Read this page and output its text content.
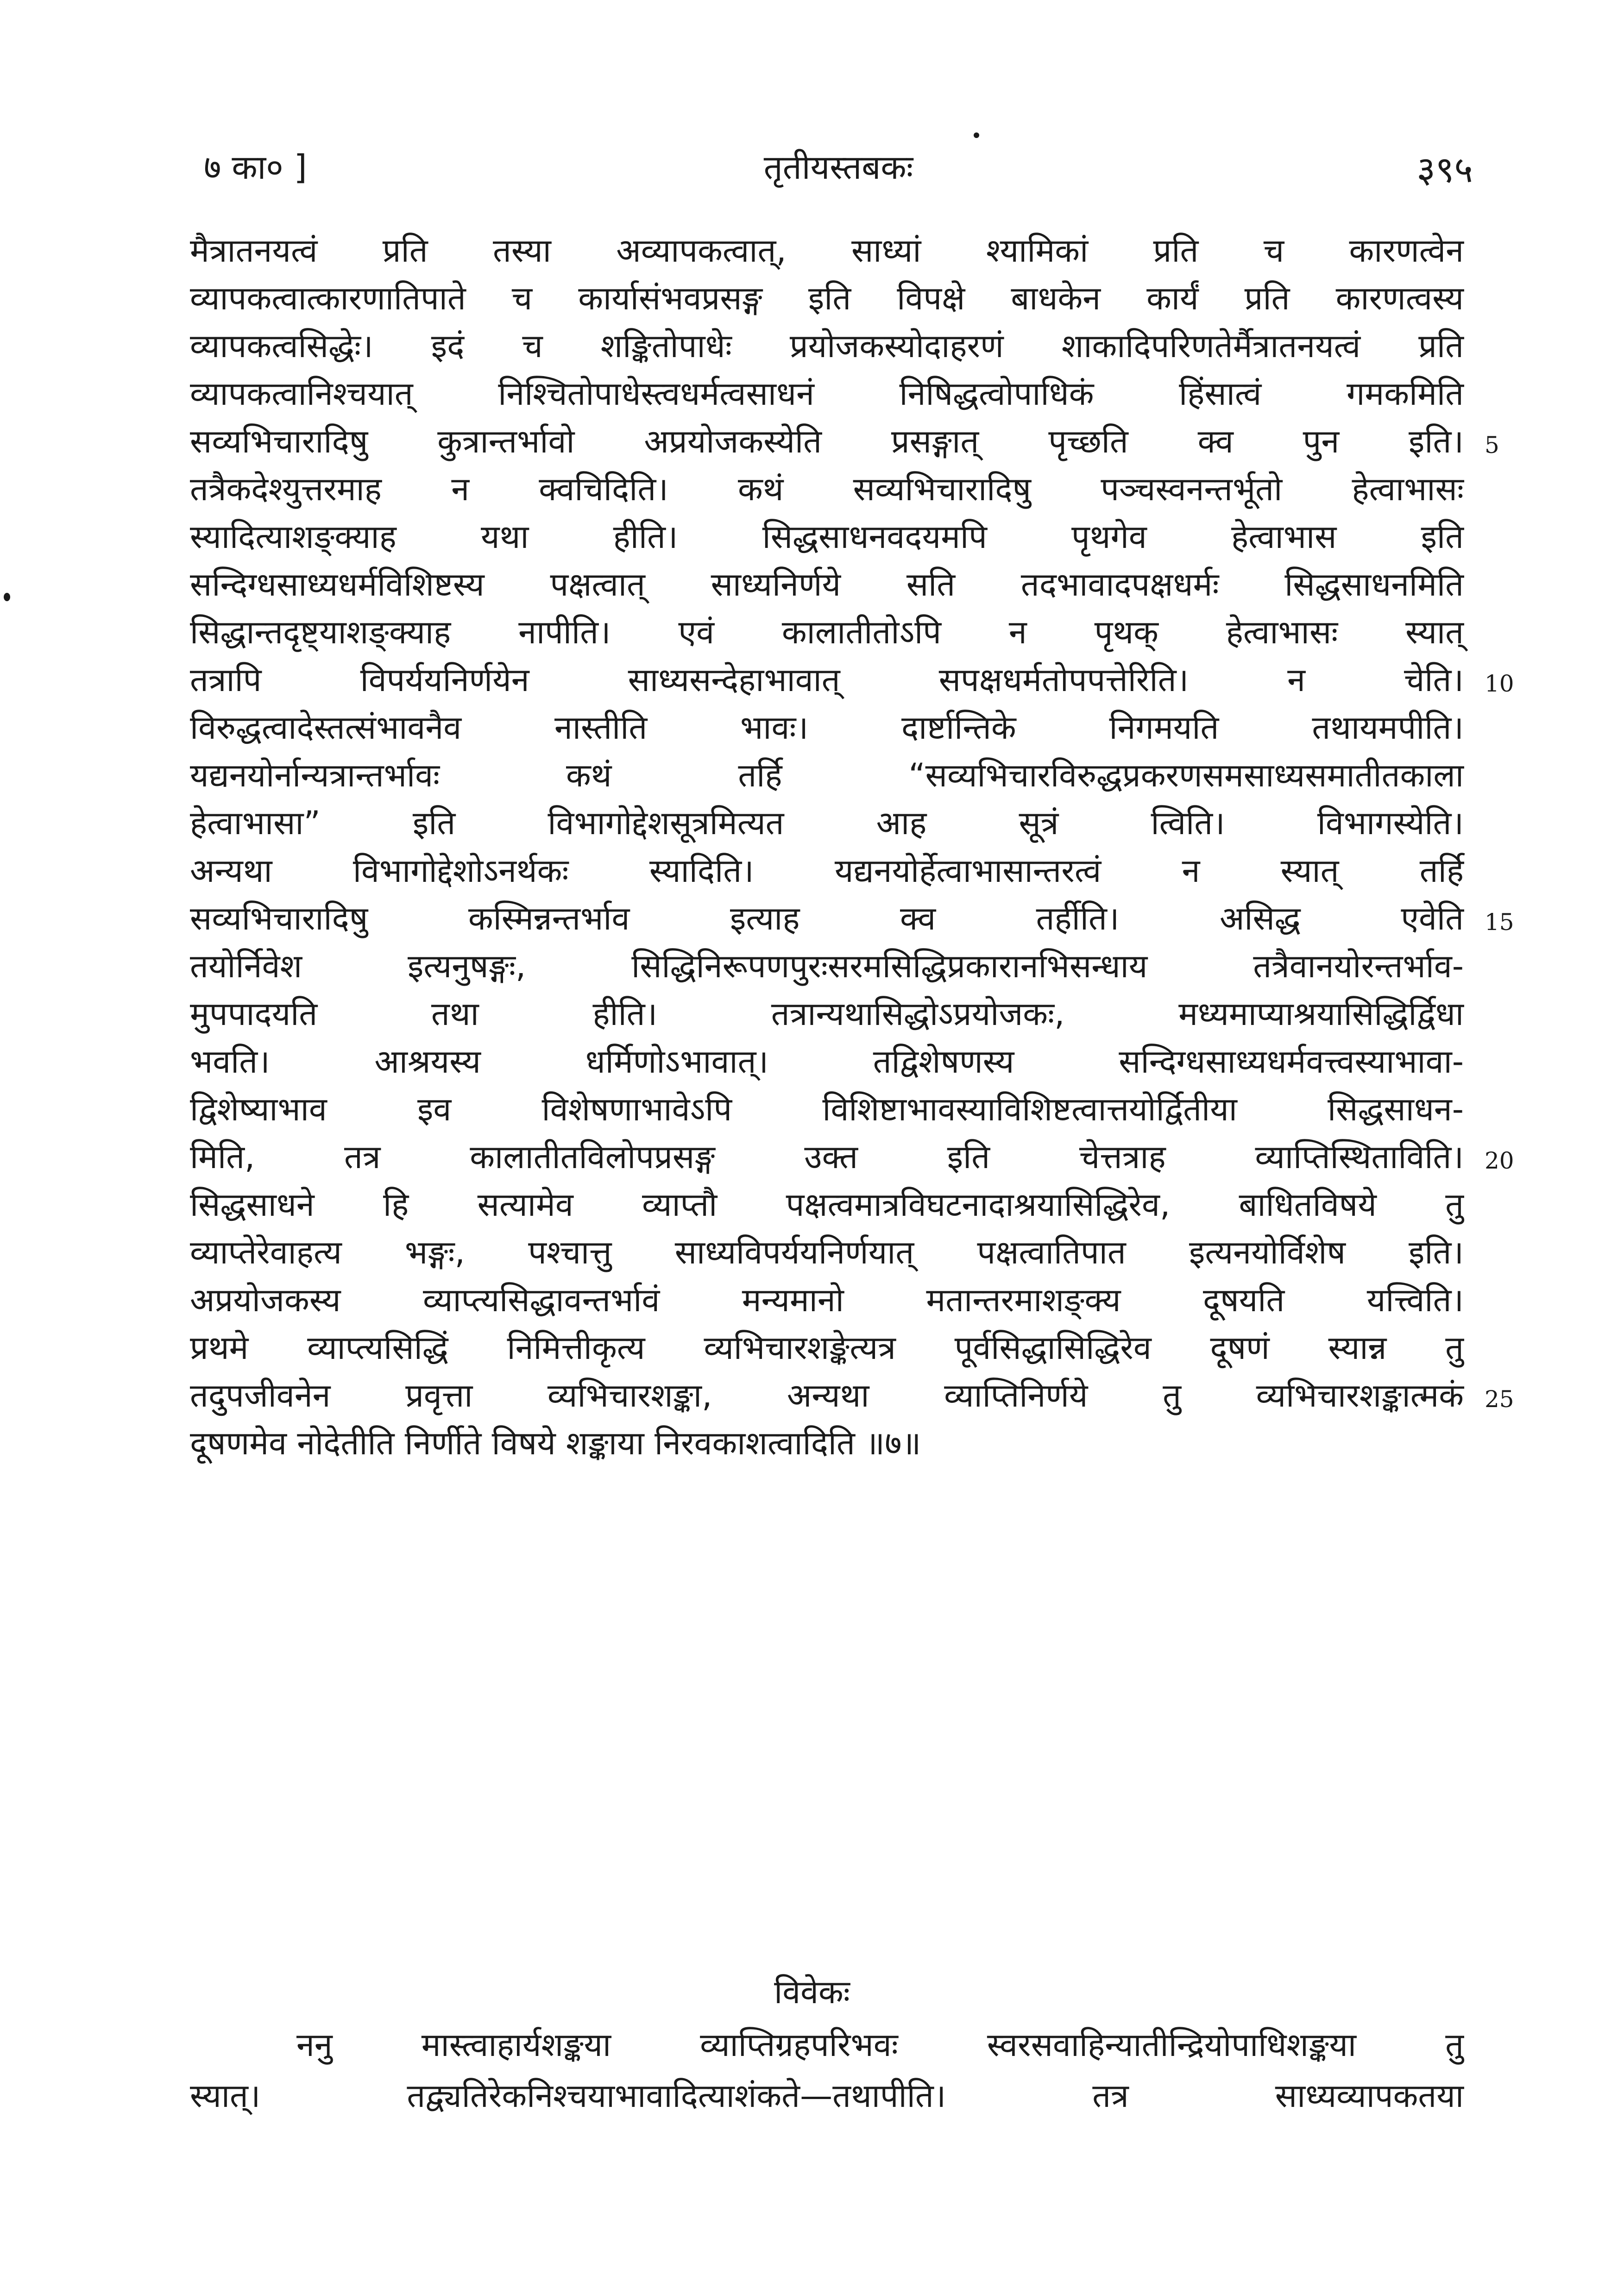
७ का० ]	तृतीयस्तबकः	३९५
मैत्रातनयत्वं प्रति तस्या अव्यापकत्वात्, साध्यां श्यामिकां प्रति च कारणत्वेन
व्यापकत्वात्कारणातिपाते च कार्यासंभवप्रसङ्ग इति विपक्षे बाधकेन कार्यं प्रति कारणत्वस्य
व्यापकत्वसिद्धेः। इदं च शङ्कितोपाधेः प्रयोजकस्योदाहरणं शाकादिपरिणतेर्मैत्रातनयत्वं प्रति
व्यापकत्वानिश्चयात् निश्चितोपाधेस्त्वधर्मत्वसाधनं निषिद्धत्वोपाधिकं हिंसात्वं गमकमिति
सव्यभिचारादिषु कुत्रान्तर्भावो अप्रयोजकस्येति प्रसङ्गात् पृच्छति क्व पुन इति। 5
तत्रैकदेश्युत्तरमाह न क्वचिदिति। कथं सव्यभिचारादिषु पञ्चस्वनन्तर्भूतो हेत्वाभासः
स्यादित्याशङ्क्याह यथा हीति। सिद्धसाधनवदयमपि पृथगेव हेत्वाभास इति
सन्दिग्धसाध्यधर्मविशिष्टस्य पक्षत्वात् साध्यनिर्णये सति तदभावादपक्षधर्मः सिद्धसाधनमिति
सिद्धान्तदृष्ट्याशङ्क्याह नापीति। एवं कालातीतोऽपि न पृथक् हेत्वाभासः स्यात्
तत्रापि विपर्ययनिर्णयेन साध्यसन्देहाभावात् सपक्षधर्मतोपपत्तेरिति। न चेति। 10
विरुद्धत्वादेस्तत्संभावनैव नास्तीति भावः। दार्ष्टान्तिके निगमयति तथायमपीति।
यद्यनयोर्नान्यत्रान्तर्भावः कथं तर्हि “सव्यभिचारविरुद्धप्रकरणसमसाध्यसमातीतकाला
हेत्वाभासा” इति विभागोद्देशसूत्रमित्यत आह सूत्रं त्विति। विभागस्येति।
अन्यथा विभागोद्देशोऽनर्थकः स्यादिति। यद्यनयोर्हेत्वाभासान्तरत्वं न स्यात् तर्हि
सव्यभिचारादिषु कस्मिन्नन्तर्भाव इत्याह क्व तर्हीति। असिद्ध एवेति 15
तयोर्निवेश इत्यनुषङ्गः, सिद्धिनिरूपणपुरःसरमसिद्धिप्रकारानभिसन्धाय तत्रैवानयोरन्तर्भाव-
मुपपादयति तथा हीति। तत्रान्यथासिद्धोऽप्रयोजकः, मध्यमाप्याश्रयासिद्धिर्द्विधा
भवति। आश्रयस्य धर्मिणोऽभावात्। तद्विशेषणस्य सन्दिग्धसाध्यधर्मवत्त्वस्याभावा-
द्विशेष्याभाव इव विशेषणाभावेऽपि विशिष्टाभावस्याविशिष्टत्वात्तयोर्द्वितीया सिद्धसाधन-
मिति, तत्र कालातीतविलोपप्रसङ्ग उक्त इति चेत्तत्राह व्याप्तिस्थिताविति। 20
सिद्धसाधने हि सत्यामेव व्याप्तौ पक्षत्वमात्रविघटनादाश्रयासिद्धिरेव, बाधितविषये तु
व्याप्तेरेवाहत्य भङ्गः, पश्चात्तु साध्यविपर्ययनिर्णयात् पक्षत्वातिपात इत्यनयोर्विशेष इति।
अप्रयोजकस्य व्याप्त्यसिद्धावन्तर्भावं मन्यमानो मतान्तरमाशङ्क्य दूषयति यत्त्विति।
प्रथमे व्याप्त्यसिद्धिं निमित्तीकृत्य व्यभिचारशङ्केत्यत्र पूर्वसिद्धासिद्धिरेव दूषणं स्यान्न तु
तदुपजीवनेन प्रवृत्ता व्यभिचारशङ्का, अन्यथा व्याप्तिनिर्णये तु व्यभिचारशङ्कात्मकं 25
दूषणमेव नोदेतीति निर्णीते विषये शङ्काया निरवकाशत्वादिति ॥७॥
विवेकः
ननु मास्त्वाहार्यशङ्कया व्याप्तिग्रहपरिभवः स्वरसवाहिन्यातीन्द्रियोपाधिशङ्कया तु
स्यात्। तद्व्यतिरेकनिश्चयाभावादित्याशंकते—तथापीति। तत्र साध्यव्यापकतया
